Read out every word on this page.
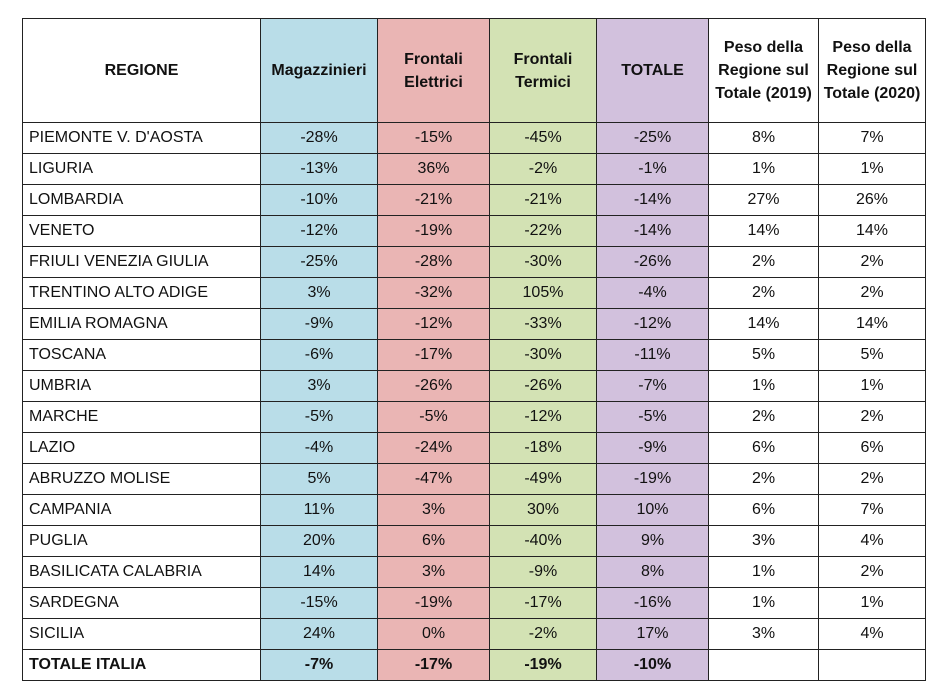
REGIONE	Magazzinieri	Frontali Elettrici	Frontali Termici	TOTALE	Peso della Regione sul Totale (2019)	Peso della Regione sul Totale (2020)
PIEMONTE V. D'AOSTA	-28%	-15%	-45%	-25%	8%	7%
LIGURIA	-13%	36%	-2%	-1%	1%	1%
LOMBARDIA	-10%	-21%	-21%	-14%	27%	26%
VENETO	-12%	-19%	-22%	-14%	14%	14%
FRIULI VENEZIA GIULIA	-25%	-28%	-30%	-26%	2%	2%
TRENTINO ALTO ADIGE	3%	-32%	105%	-4%	2%	2%
EMILIA ROMAGNA	-9%	-12%	-33%	-12%	14%	14%
TOSCANA	-6%	-17%	-30%	-11%	5%	5%
UMBRIA	3%	-26%	-26%	-7%	1%	1%
MARCHE	-5%	-5%	-12%	-5%	2%	2%
LAZIO	-4%	-24%	-18%	-9%	6%	6%
ABRUZZO MOLISE	5%	-47%	-49%	-19%	2%	2%
CAMPANIA	11%	3%	30%	10%	6%	7%
PUGLIA	20%	6%	-40%	9%	3%	4%
BASILICATA CALABRIA	14%	3%	-9%	8%	1%	2%
SARDEGNA	-15%	-19%	-17%	-16%	1%	1%
SICILIA	24%	0%	-2%	17%	3%	4%
TOTALE ITALIA	-7%	-17%	-19%	-10%		
